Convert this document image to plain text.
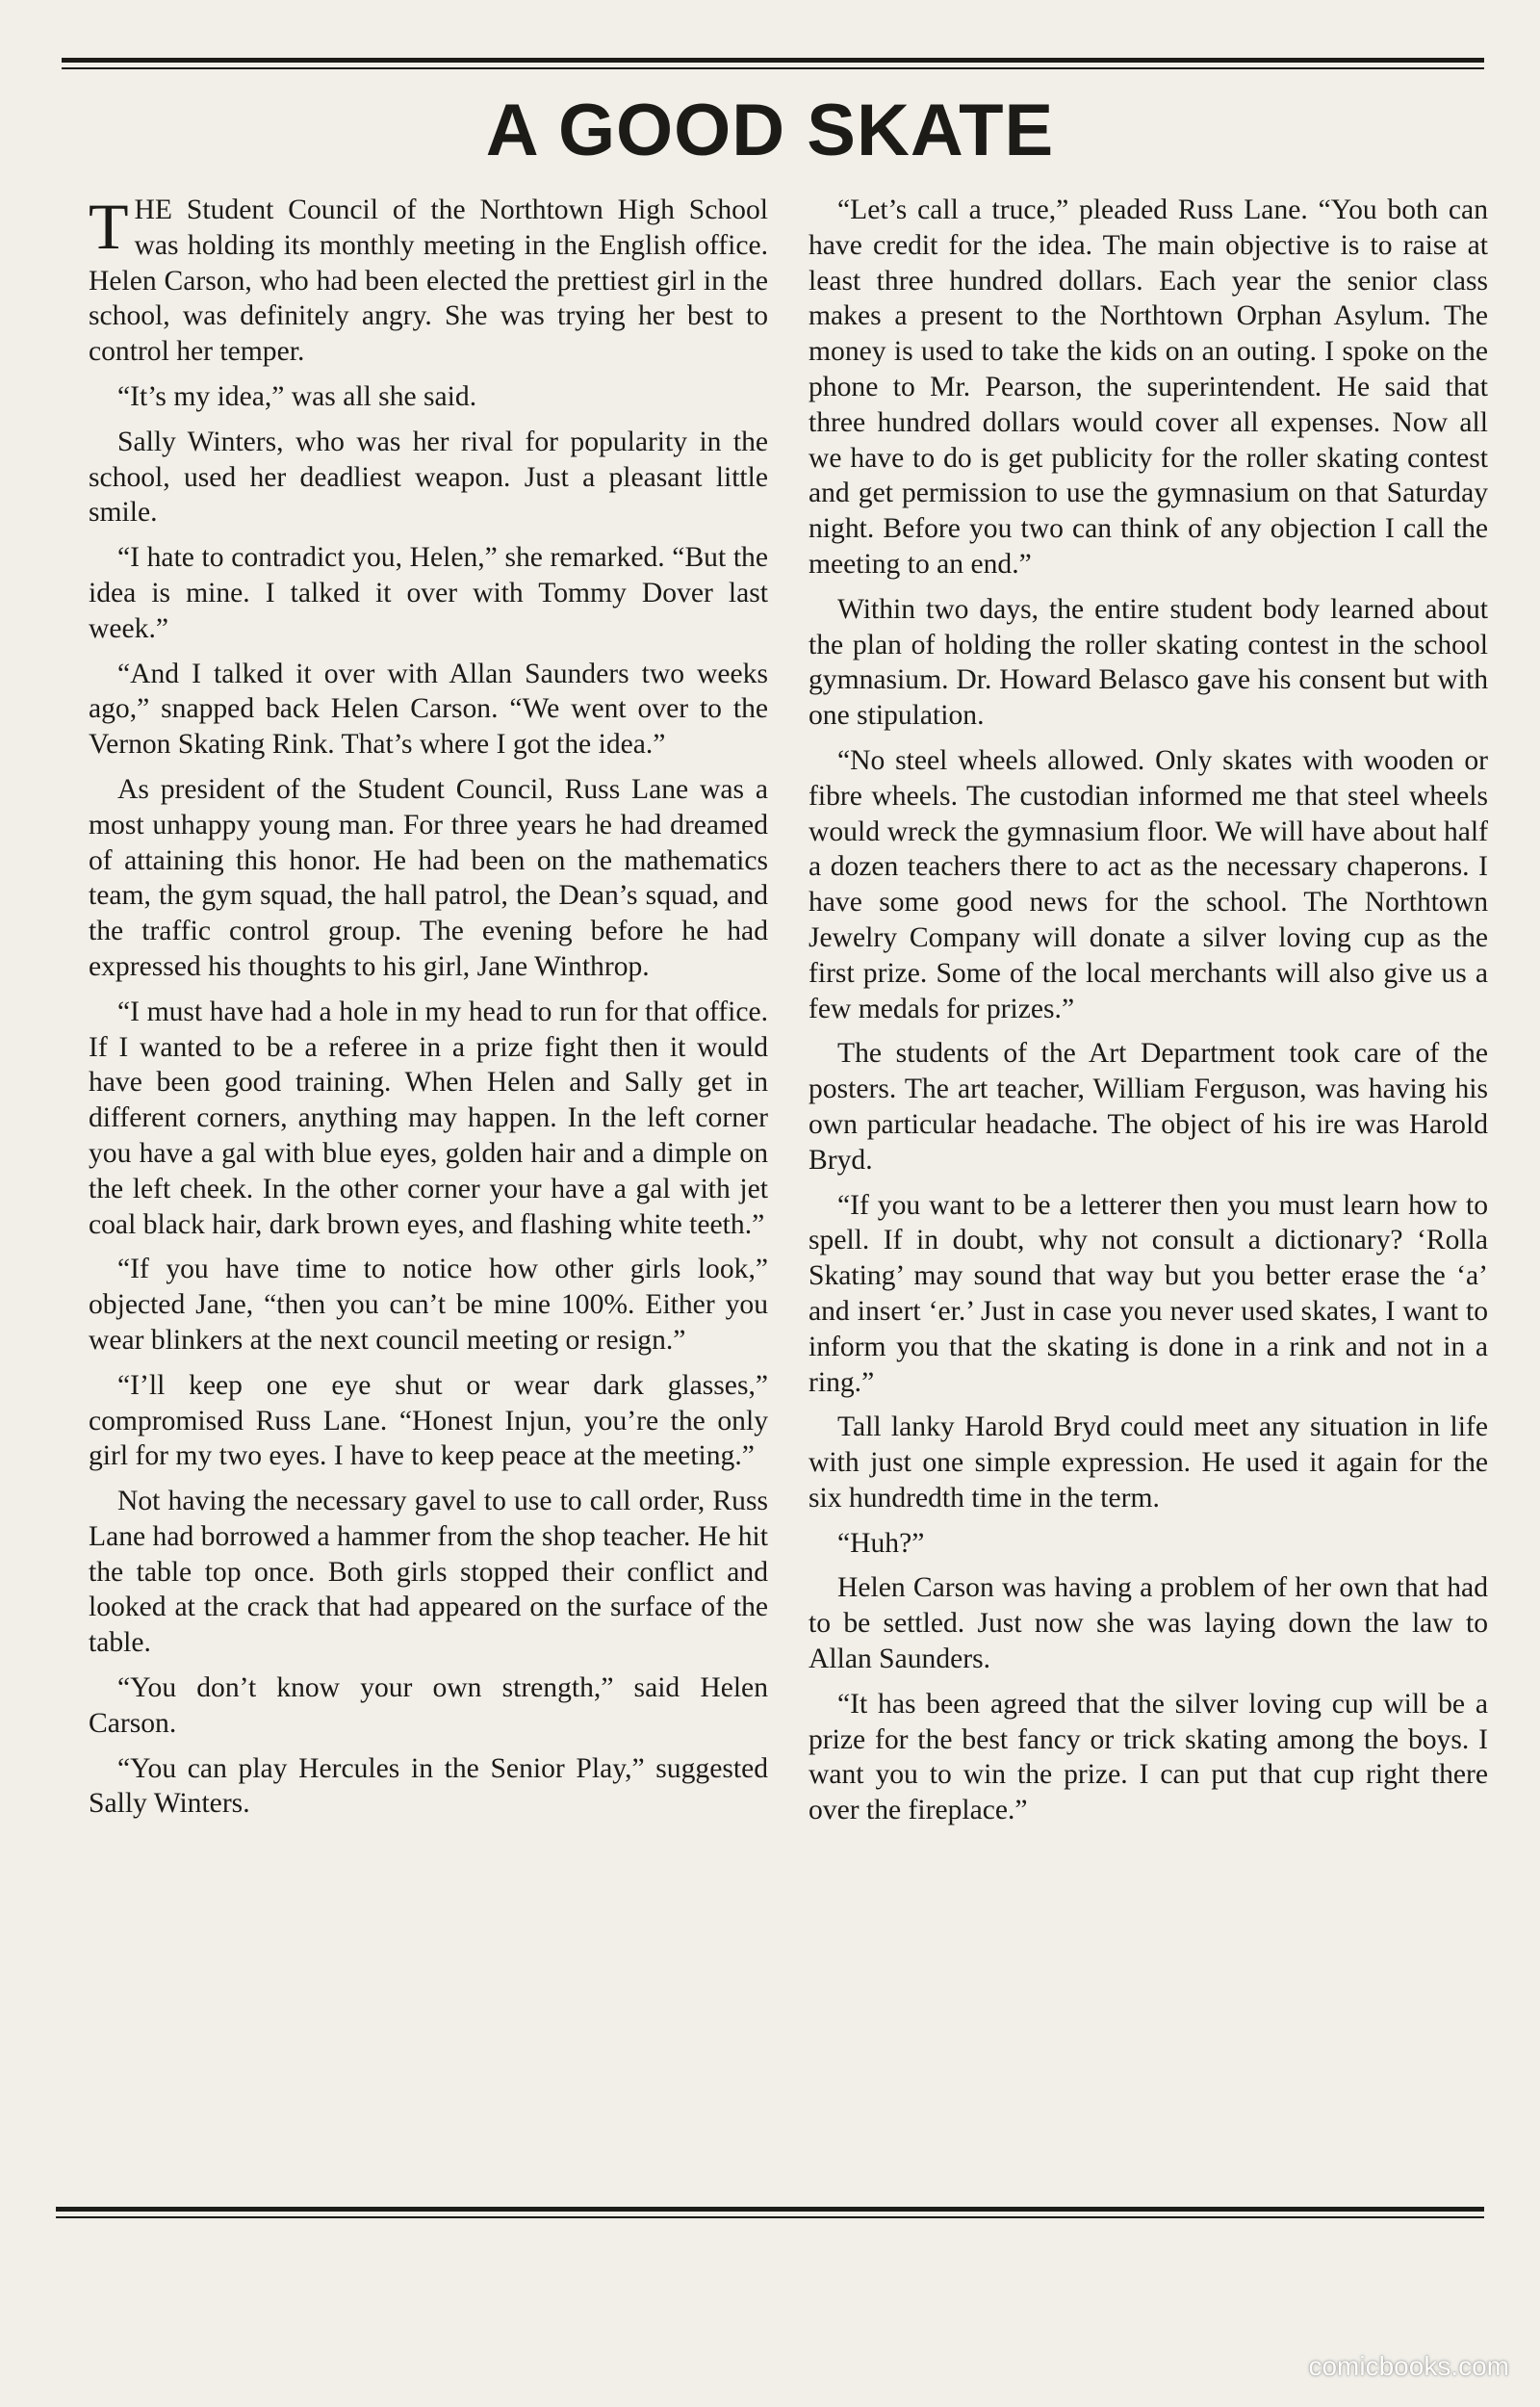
A GOOD SKATE

THE Student Council of the Northtown High School was holding its monthly meeting in the English office. Helen Carson, who had been elected the prettiest girl in the school, was definitely angry. She was trying her best to control her temper.

“It’s my idea,” was all she said.

Sally Winters, who was her rival for popularity in the school, used her deadliest weapon. Just a pleasant little smile.

“I hate to contradict you, Helen,” she remarked. “But the idea is mine. I talked it over with Tommy Dover last week.”

“And I talked it over with Allan Saunders two weeks ago,” snapped back Helen Carson. “We went over to the Vernon Skating Rink. That’s where I got the idea.”

As president of the Student Council, Russ Lane was a most unhappy young man. For three years he had dreamed of attaining this honor. He had been on the mathematics team, the gym squad, the hall patrol, the Dean’s squad, and the traffic control group. The evening before he had expressed his thoughts to his girl, Jane Winthrop.

“I must have had a hole in my head to run for that office. If I wanted to be a referee in a prize fight then it would have been good training. When Helen and Sally get in different corners, anything may happen. In the left corner you have a gal with blue eyes, golden hair and a dimple on the left cheek. In the other corner your have a gal with jet coal black hair, dark brown eyes, and flashing white teeth.”

“If you have time to notice how other girls look,” objected Jane, “then you can’t be mine 100%. Either you wear blinkers at the next council meeting or resign.”

“I’ll keep one eye shut or wear dark glasses,” compromised Russ Lane. “Honest Injun, you’re the only girl for my two eyes. I have to keep peace at the meeting.”

Not having the necessary gavel to use to call order, Russ Lane had borrowed a hammer from the shop teacher. He hit the table top once. Both girls stopped their conflict and looked at the crack that had appeared on the surface of the table.

“You don’t know your own strength,” said Helen Carson.

“You can play Hercules in the Senior Play,” suggested Sally Winters.

“Let’s call a truce,” pleaded Russ Lane. “You both can have credit for the idea. The main objective is to raise at least three hundred dollars. Each year the senior class makes a present to the Northtown Orphan Asylum. The money is used to take the kids on an outing. I spoke on the phone to Mr. Pearson, the superintendent. He said that three hundred dollars would cover all expenses. Now all we have to do is get publicity for the roller skating contest and get permission to use the gymnasium on that Saturday night. Before you two can think of any objection I call the meeting to an end.”

Within two days, the entire student body learned about the plan of holding the roller skating contest in the school gymnasium. Dr. Howard Belasco gave his consent but with one stipulation.

“No steel wheels allowed. Only skates with wooden or fibre wheels. The custodian informed me that steel wheels would wreck the gymnasium floor. We will have about half a dozen teachers there to act as the necessary chaperons. I have some good news for the school. The Northtown Jewelry Company will donate a silver loving cup as the first prize. Some of the local merchants will also give us a few medals for prizes.”

The students of the Art Department took care of the posters. The art teacher, William Ferguson, was having his own particular headache. The object of his ire was Harold Bryd.

“If you want to be a letterer then you must learn how to spell. If in doubt, why not consult a dictionary? ‘Rolla Skating’ may sound that way but you better erase the ‘a’ and insert ‘er.’ Just in case you never used skates, I want to inform you that the skating is done in a rink and not in a ring.”

Tall lanky Harold Bryd could meet any situation in life with just one simple expression. He used it again for the six hundredth time in the term.

“Huh?”

Helen Carson was having a problem of her own that had to be settled. Just now she was laying down the law to Allan Saunders.

“It has been agreed that the silver loving cup will be a prize for the best fancy or trick skating among the boys. I want you to win the prize. I can put that cup right there over the fireplace.”

comicbooks.com
